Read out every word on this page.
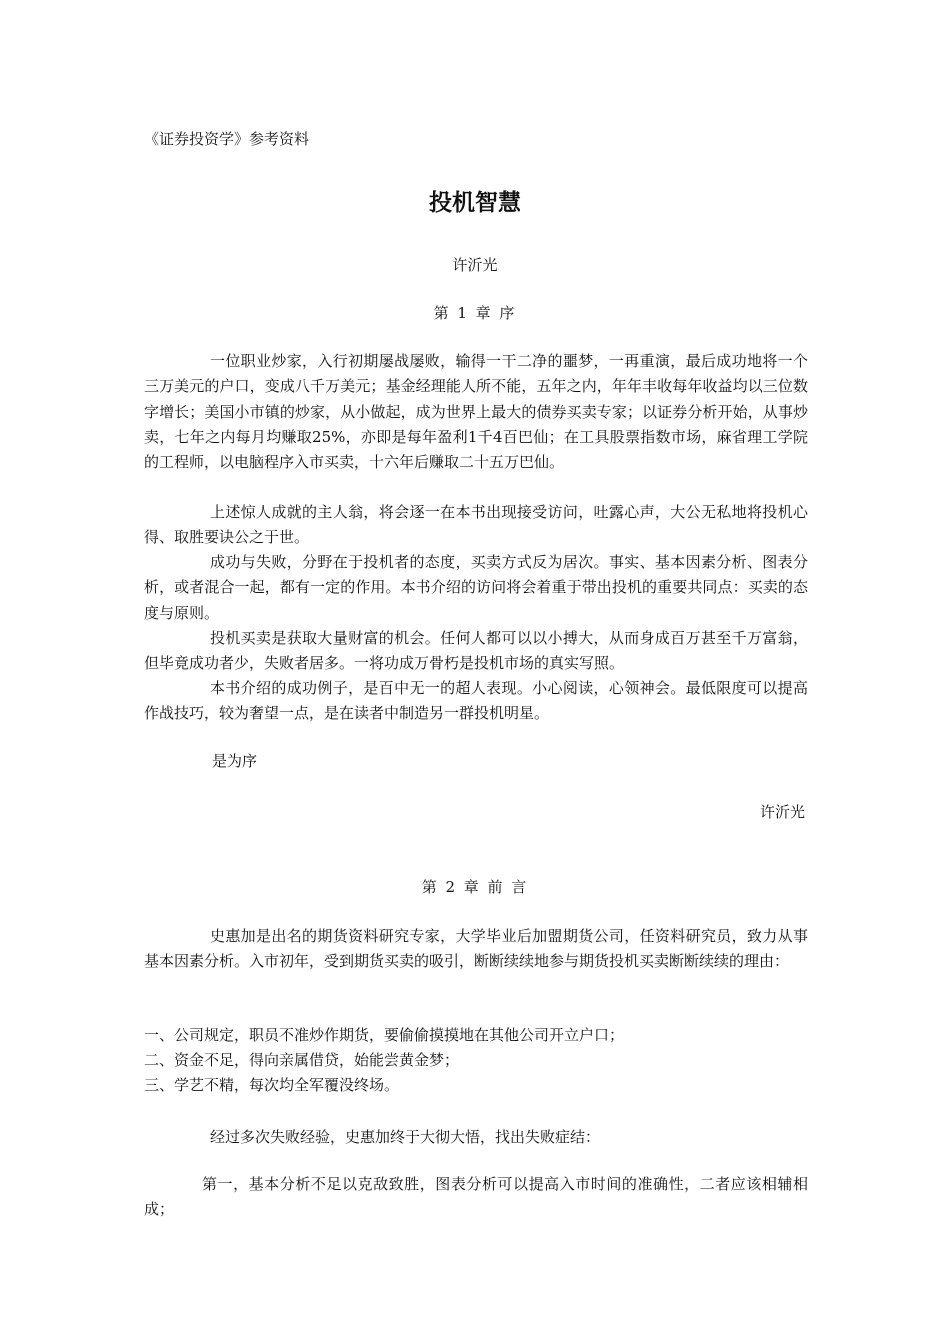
《证券投资学》参考资料
投机智慧
许沂光
第 1 章 序

一位职业炒家，入行初期屡战屡败，输得一干二净的噩梦，一再重演，最后成功地将一个三万美元的户口，变成八千万美元；基金经理能人所不能，五年之内，年年丰收每年收益均以三位数字增长；美国小市镇的炒家，从小做起，成为世界上最大的债券买卖专家；以证券分析开始，从事炒卖，七年之内每月均赚取25%，亦即是每年盈利1千4百巴仙；在工具股票指数市场，麻省理工学院的工程师，以电脑程序入市买卖，十六年后赚取二十五万巴仙。

上述惊人成就的主人翁，将会逐一在本书出现接受访问，吐露心声，大公无私地将投机心得、取胜要诀公之于世。

成功与失败，分野在于投机者的态度，买卖方式反为居次。事实、基本因素分析、图表分析，或者混合一起，都有一定的作用。本书介绍的访问将会着重于带出投机的重要共同点：买卖的态度与原则。

投机买卖是获取大量财富的机会。任何人都可以以小搏大，从而身成百万甚至千万富翁，但毕竟成功者少，失败者居多。一将功成万骨朽是投机市场的真实写照。

本书介绍的成功例子，是百中无一的超人表现。小心阅读，心领神会。最低限度可以提高作战技巧，较为奢望一点，是在读者中制造另一群投机明星。

是为序
许沂光
第 2 章 前 言

史惠加是出名的期货资料研究专家，大学毕业后加盟期货公司，任资料研究员，致力从事基本因素分析。入市初年，受到期货买卖的吸引，断断续续地参与期货投机买卖断断续续的理由：

一、公司规定，职员不准炒作期货，要偷偷摸摸地在其他公司开立户口；
二、资金不足，得向亲属借贷，始能尝黄金梦；
三、学艺不精，每次均全军覆没终场。
经过多次失败经验，史惠加终于大彻大悟，找出失败症结：

第一，基本分析不足以克敌致胜，图表分析可以提高入市时间的准确性，二者应该相辅相成；
